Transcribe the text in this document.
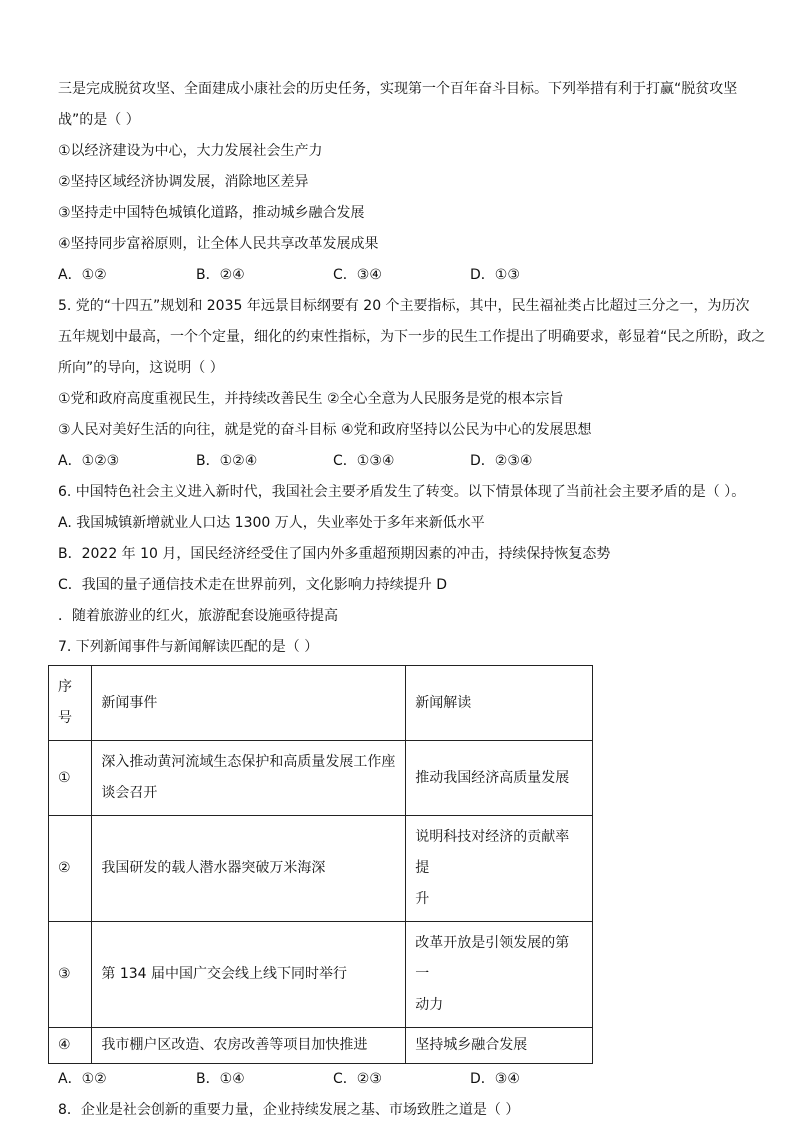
三是完成脱贫攻坚、全面建成小康社会的历史任务，实现第一个百年奋斗目标。下列举措有利于打赢“脱贫攻坚
战”的是（ ）
①以经济建设为中心，大力发展社会生产力
②坚持区域经济协调发展，消除地区差异
③坚持走中国特色城镇化道路，推动城乡融合发展
④坚持同步富裕原则，让全体人民共享改革发展成果
A．①②	B．②④	C．③④	D．①③
5. 党的“十四五”规划和 2035 年远景目标纲要有 20 个主要指标，其中，民生福祉类占比超过三分之一，为历次
五年规划中最高，一个个定量，细化的约束性指标，为下一步的民生工作提出了明确要求，彰显着“民之所盼，政之
所向”的导向，这说明（ ）
①党和政府高度重视民生，并持续改善民生 ②全心全意为人民服务是党的根本宗旨
③人民对美好生活的向往，就是党的奋斗目标 ④党和政府坚持以公民为中心的发展思想
A．①②③	B．①②④	C．①③④	D．②③④
6. 中国特色社会主义进入新时代，我国社会主要矛盾发生了转变。以下情景体现了当前社会主要矛盾的是（ ）。
A. 我国城镇新增就业人口达 1300 万人，失业率处于多年来新低水平
B．2022 年 10 月，国民经济经受住了国内外多重超预期因素的冲击，持续保持恢复态势
C．我国的量子通信技术走在世界前列，文化影响力持续提升 D
．随着旅游业的红火，旅游配套设施亟待提高
7. 下列新闻事件与新闻解读匹配的是（ ）
序
号	新闻事件	新闻解读
①	深入推动黄河流域生态保护和高质量发展工作座
谈会召开	推动我国经济高质量发展
②	我国研发的载人潜水器突破万米海深	说明科技对经济的贡献率提
升

③	第 134 届中国广交会线上线下同时举行	改革开放是引领发展的第一
动力

④	我市棚户区改造、农房改善等项目加快推进	坚持城乡融合发展
A．①②	B．①④	C．②③	D．③④
8．企业是社会创新的重要力量，企业持续发展之基、市场致胜之道是（ ）
